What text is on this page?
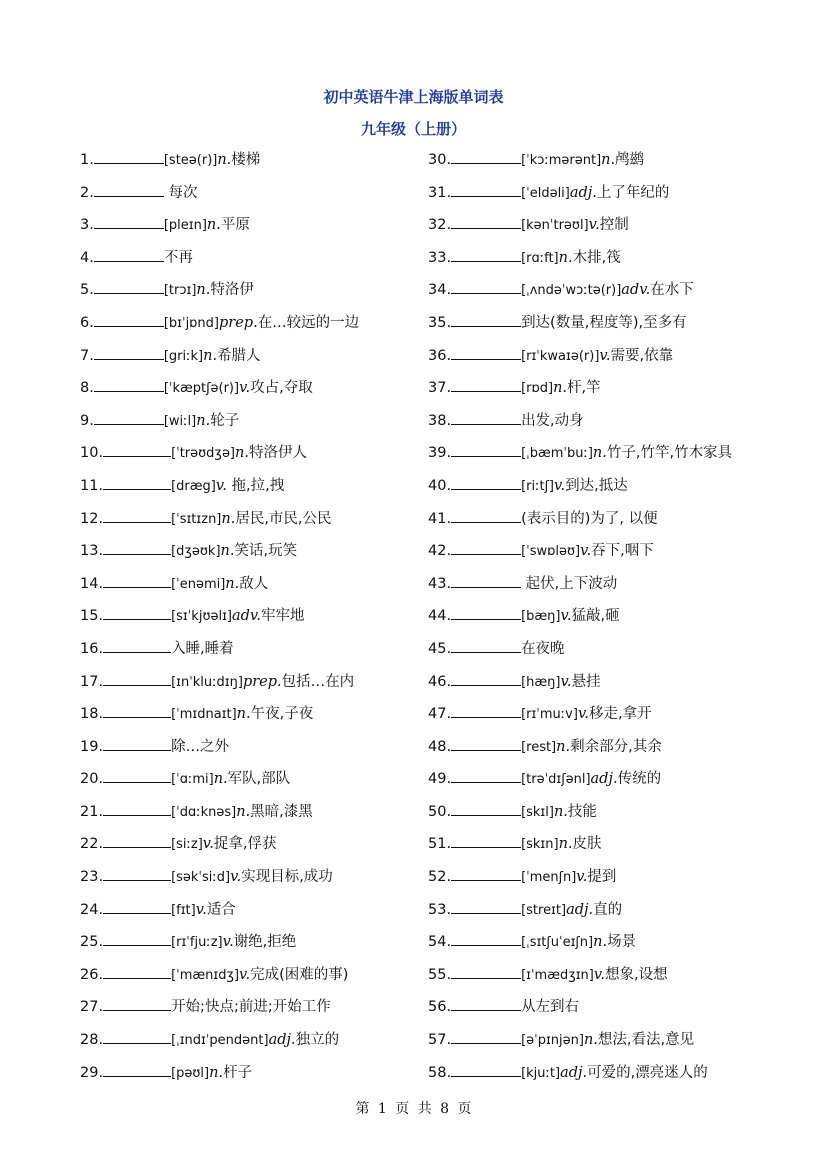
初中英语牛津上海版单词表
九年级（上册）
1.	[steə(r)]n.楼梯
2.	每次
3.	[pleɪn]n.平原
4.	不再
5.	[trɔɪ]n.特洛伊
6.	[bɪˈjɒnd]prep.在…较远的一边
7.	[griːk]n.希腊人
8.	[ˈkæptʃə(r)]v.攻占,夺取
9.	[wiːl]n.轮子
10.	[ˈtrəʊdʒə]n.特洛伊人
11.	[dræg]v. 拖,拉,拽
12.	[ˈsɪtɪzn]n.居民,市民,公民
13.	[dʒəʊk]n.笑话,玩笑
14.	[ˈenəmi]n.敌人
15.	[sɪˈkjʊəlɪ]adv.牢牢地
16.	入睡,睡着
17.	[ɪnˈkluːdɪŋ]prep.包括…在内
18.	[ˈmɪdnaɪt]n.午夜,子夜
19.	除…之外
20.	[ˈɑːmi]n.军队,部队
21.	[ˈdɑːknəs]n.黑暗,漆黑
22.	[siːz]v.捉拿,俘获
23.	[səkˈsiːd]v.实现目标,成功
24.	[fɪt]v.适合
25.	[rɪˈfjuːz]v.谢绝,拒绝
26.	[ˈmænɪdʒ]v.完成(困难的事)
27.	开始;快点;前进;开始工作
28.	[ˌɪndɪˈpendənt]adj.独立的
29.	[pəʊl]n.杆子
30.	[ˈkɔːmərənt]n.鸬鹚
31.	[ˈeldəli]adj.上了年纪的
32.	[kənˈtrəʊl]v.控制
33.	[rɑːft]n.木排,筏
34.	[ˌʌndəˈwɔːtə(r)]adv.在水下
35.	到达(数量,程度等),至多有
36.	[rɪˈkwaɪə(r)]v.需要,依靠
37.	[rɒd]n.杆,竿
38.	出发,动身
39.	[ˌbæmˈbuː]n.竹子,竹竿,竹木家具
40.	[riːtʃ]v.到达,抵达
41.	(表示目的)为了, 以便
42.	[ˈswɒləʊ]v.吞下,咽下
43.	起伏,上下波动
44.	[bæŋ]v.猛敲,砸
45.	在夜晚
46.	[hæŋ]v.悬挂
47.	[rɪˈmuːv]v.移走,拿开
48.	[rest]n.剩余部分,其余
49.	[trəˈdɪʃənl]adj.传统的
50.	[skɪl]n.技能
51.	[skɪn]n.皮肤
52.	[ˈmenʃn]v.提到
53.	[streɪt]adj.直的
54.	[ˌsɪtʃuˈeɪʃn]n.场景
55.	[ɪˈmædʒɪn]v.想象,设想
56.	从左到右
57.	[əˈpɪnjən]n.想法,看法,意见
58.	[kjuːt]adj.可爱的,漂亮迷人的
第 1 页 共 8 页
